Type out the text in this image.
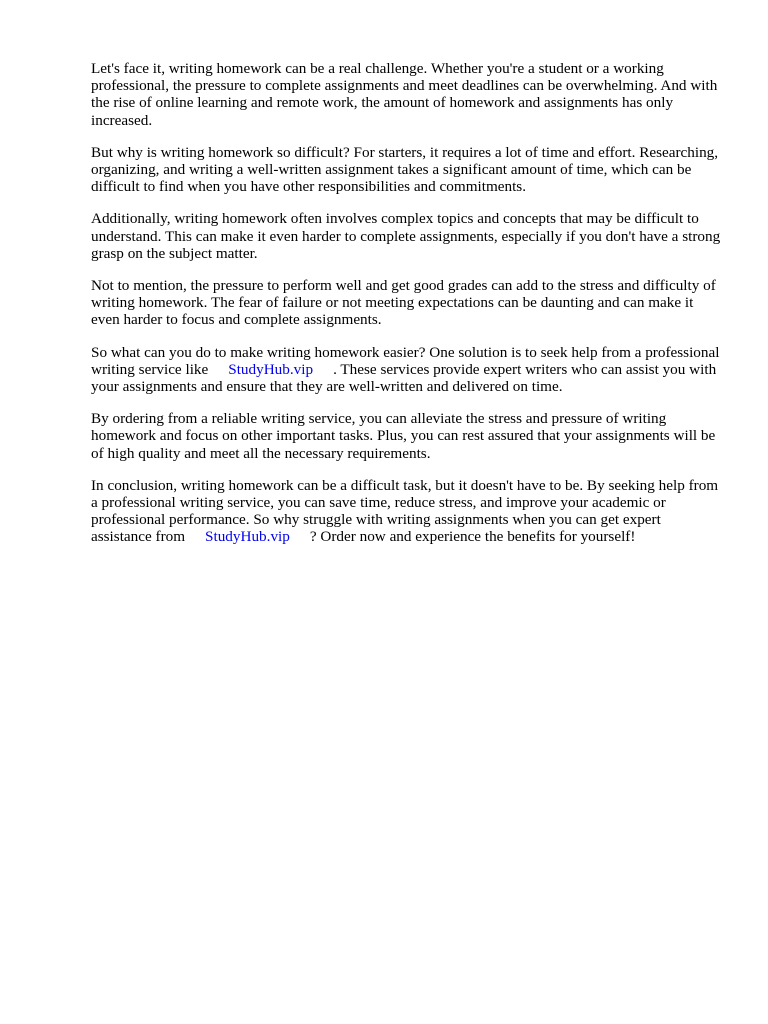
Let's face it, writing homework can be a real challenge. Whether you're a student or a working professional, the pressure to complete assignments and meet deadlines can be overwhelming. And with the rise of online learning and remote work, the amount of homework and assignments has only increased.

But why is writing homework so difficult? For starters, it requires a lot of time and effort. Researching, organizing, and writing a well-written assignment takes a significant amount of time, which can be difficult to find when you have other responsibilities and commitments.

Additionally, writing homework often involves complex topics and concepts that may be difficult to understand. This can make it even harder to complete assignments, especially if you don't have a strong grasp on the subject matter.

Not to mention, the pressure to perform well and get good grades can add to the stress and difficulty of writing homework. The fear of failure or not meeting expectations can be daunting and can make it even harder to focus and complete assignments.

So what can you do to make writing homework easier? One solution is to seek help from a professional writing service like StudyHub.vip . These services provide expert writers who can assist you with your assignments and ensure that they are well-written and delivered on time.

By ordering from a reliable writing service, you can alleviate the stress and pressure of writing homework and focus on other important tasks. Plus, you can rest assured that your assignments will be of high quality and meet all the necessary requirements.

In conclusion, writing homework can be a difficult task, but it doesn't have to be. By seeking help from a professional writing service, you can save time, reduce stress, and improve your academic or professional performance. So why struggle with writing assignments when you can get expert assistance from StudyHub.vip ? Order now and experience the benefits for yourself!
